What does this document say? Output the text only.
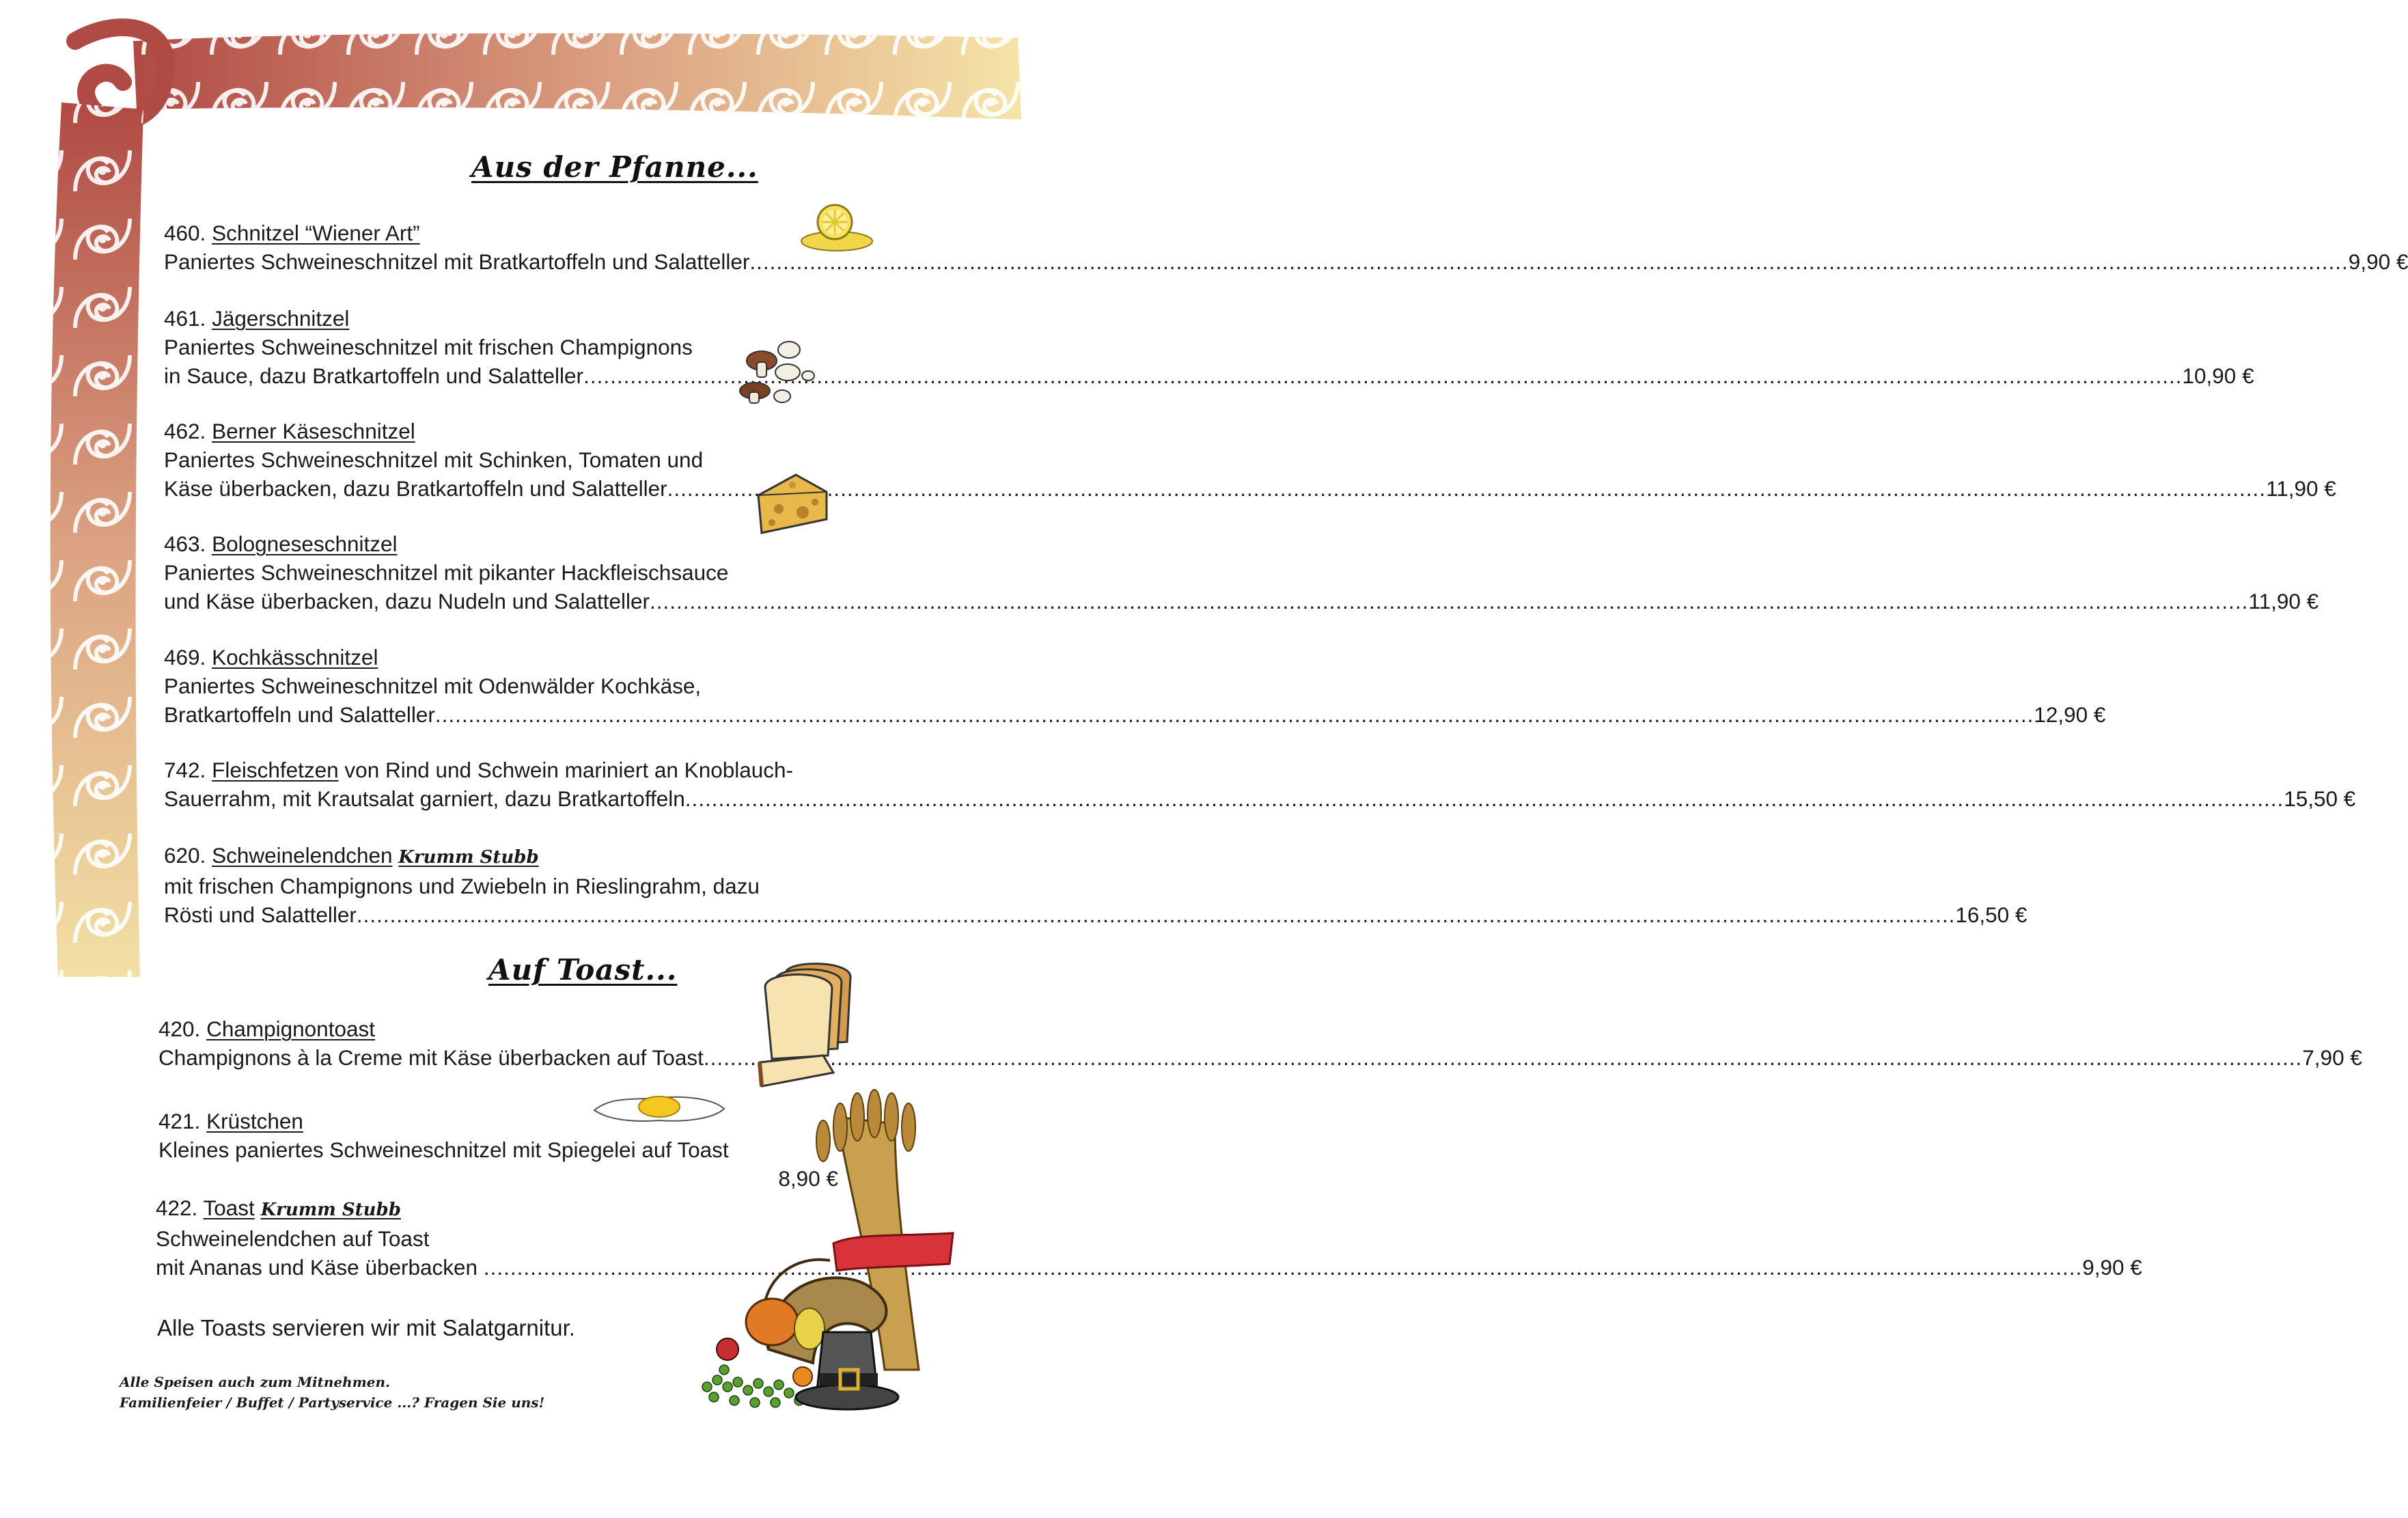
Aus der Pfanne...
460. Schnitzel “Wiener Art”
Paniertes Schweineschnitzel mit Bratkartoffeln und Salatteller .....	9,90 €
461. Jägerschnitzel
Paniertes Schweineschnitzel mit frischen Champignons
in Sauce, dazu Bratkartoffeln und Salatteller .....	10,90 €
462. Berner Käseschnitzel
Paniertes Schweineschnitzel mit Schinken, Tomaten und
Käse überbacken, dazu Bratkartoffeln und Salatteller .....	11,90 €
463. Bologneseschnitzel
Paniertes Schweineschnitzel mit pikanter Hackfleischsauce
und Käse überbacken, dazu Nudeln und Salatteller .....	11,90 €
469. Kochkässchnitzel
Paniertes Schweineschnitzel mit Odenwälder Kochkäse,
Bratkartoffeln und Salatteller .....	12,90 €
742. Fleischfetzen von Rind und Schwein mariniert an Knoblauch-
Sauerrahm, mit Krautsalat garniert, dazu Bratkartoffeln .....	15,50 €
620. Schweinelendchen Krumm Stubb
mit frischen Champignons und Zwiebeln in Rieslingrahm, dazu
Rösti und Salatteller .....	16,50 €
Auf Toast...
420. Champignontoast
Champignons à la Creme mit Käse überbacken auf Toast .....	7,90 €
421. Krüstchen
Kleines paniertes Schweineschnitzel mit Spiegelei auf Toast
8,90 €
422. Toast Krumm Stubb
Schweinelendchen auf Toast
mit Ananas und Käse überbacken .....	9,90 €
Alle Toasts servieren wir mit Salatgarnitur.
Alle Speisen auch zum Mitnehmen.
Familienfeier / Buffet / Partyservice ...? Fragen Sie uns!
